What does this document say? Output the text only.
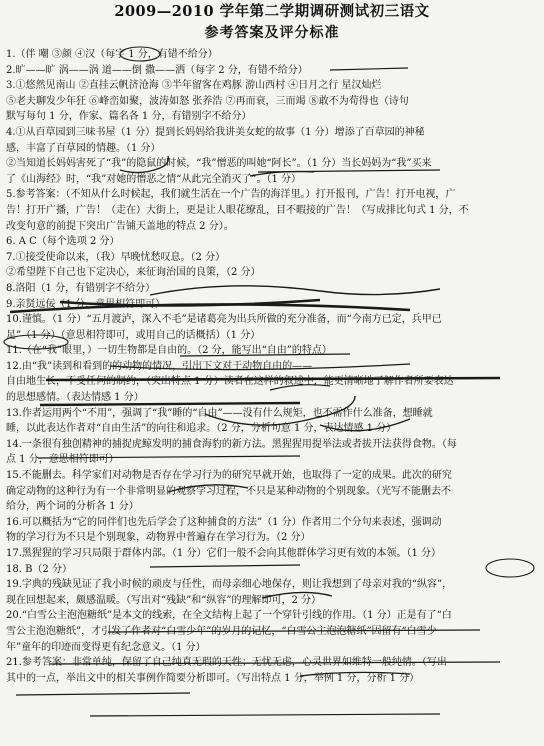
2009—2010 学年第二学期调研测试初三语文
参考答案及评分标准

1.（伴 嘲 ③颜 ④汉（每字 1 分，有错不给分）

2.旷——旷 涡——涡 道——倒 撒——洒（每字 2 分，有错不给分）

3.①悠然见南山 ②直挂云帆济沧海 ③半年留客在鸡豚 游山西村 ④日月之行 星汉灿烂

⑤老夫聊发少年狂 ⑥峰峦如聚，波涛如怒 张养浩 ⑦再而衰，三而竭 ⑧敢不为荀得也（诗句

默写每句 1 分，作家、篇名各 1 分，有错别字不给分）

4.①从百草园到三味书屋（1 分）提到长妈妈给我讲美女蛇的故事（1 分）增添了百草园的神秘

感，丰富了百草园的情趣。（1 分）

②当知道长妈妈害死了“我”的隐鼠的时候，“我”憎恶的叫她“阿长”。（1 分）当长妈妈为“我”买来

了《山海经》时，“我”对她的憎恶之情“从此完全消灭了”。（1 分）

5.参考答案：（不知从什么时候起，我们就生活在一个广告的海洋里。）打开报刊，广告！打开电视，广

告！打开广播，广告！（走在）大街上，更是让人眼花缭乱，目不暇接的广告！（写成排比句式 1 分，不

改变句意的前提下突出广告铺天盖地的特点 2 分）。

6. A C（每个选项 2 分）

7.①接受使命以来，（我）早晚忧愁叹息。（2 分）

②希望陛下自己也下定决心，来征询治国的良策，（2 分）

8.洛阳（1 分，有错别字不给分）

9.亲贤远佞（1 分，意思相符即可）

10.谨慎。（1 分）“五月渡泸，深入不毛”是诸葛亮为出兵所做的充分准备，而“今南方已定，兵甲已

足”（1 分）（意思相符即可，或用自己的话概括）（1 分）

11.（在“我”眼里，）一切生物都是自由的。（2 分，能写出“自由”的特点）

12.由“我”读到和看到的的动物的情况，引出下文对于动物自由的——

自由地生长，不受任何的制约，（突出特点 1 分）读者在这样的叙述中，能更清晰地了解作者所要表达

的思想感情。（表达情感 1 分）

13.作者运用两个“不用”，强调了“我”睡的“自由”——没有什么规矩，也不需作什么准备，想睡就

睡，以此表达作者对“自由生活”的向往和追求。（2 分，分析句意 1 分，表达情感 1 分）

14.一条很有独创精神的捕捉虎鲸发明的捕食海豹的新方法。黑猩猩用提举法或者拔开法获得食物。（每

点 1 分，意思相符即可）

15.不能删去。科学家们对动物是否存在学习行为的研究早就开始，也取得了一定的成果。此次的研究

确定动物的这种行为有一个非常明显的观察学习过程，不只是某种动物的个别现象。（光写不能删去不

给分，两个词的分析各 1 分）

16.可以概括为“它的同伴们也先后学会了这种捕食的方法”（1 分）作者用二个分句来表述，强调动

物的学习行为不只是个别现象，动物界中普遍存在学习行为。（2 分）

17.黑猩猩的学习只局限于群体内部。（1 分）它们一般不会向其他群体学习更有效的本领。（1 分）

18. B（2 分）

19.字典的残缺见证了我小时候的顽皮与任性，而母亲细心地保存，则让我想到了母亲对我的“纵容”，

现在回想起来，颇感温暖。（写出对“残缺”和“纵容”的理解即可，2 分）

20.“白雪公主泡泡糖纸”是本文的线索，在全文结构上起了一个穿针引线的作用。（1 分）正是有了“白

雪公主泡泡糖纸”，才引发了作者对“白雪少年”的岁月的记忆，“白雪公主泡泡糖纸”因留有“白雪少

年”童年的印迹而变得更有纪念意义。（1 分）

21.参考答案：非常单纯，保留了自己纯真无瑕的天性；无忧无虑，心灵世界如维特一般纯情。（写出

其中的一点，举出文中的相关事例作简要分析即可。（写出特点 1 分，举例 1 分，分析 1 分）
